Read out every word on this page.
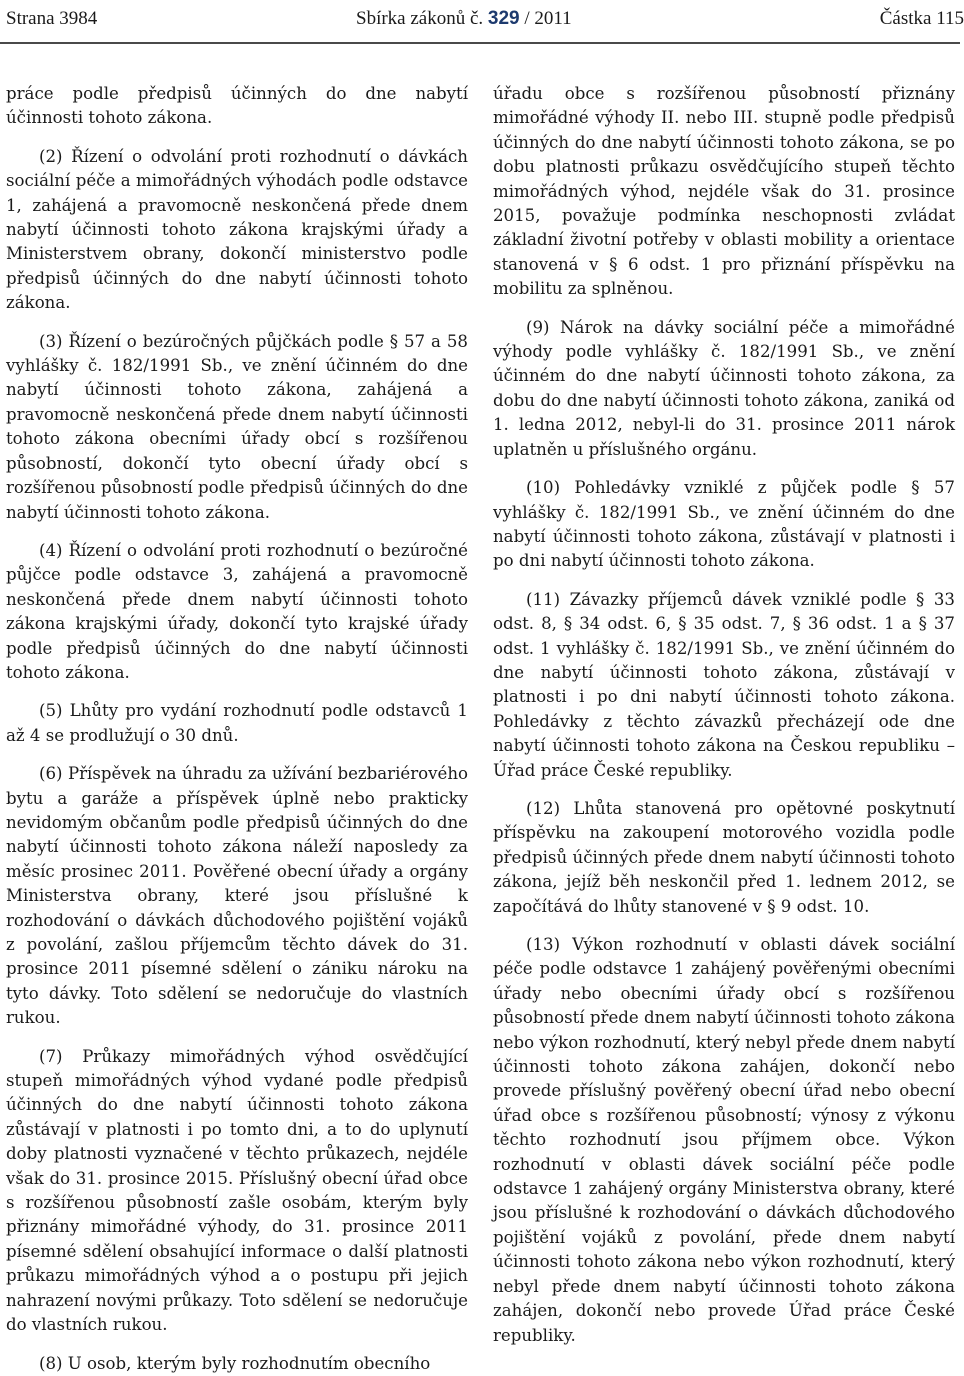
Strana 3984	Sbírka zákonů č. 329 / 2011	Částka 115

práce podle předpisů účinných do dne nabytí účinnosti tohoto zákona.

(2) Řízení o odvolání proti rozhodnutí o dávkách sociální péče a mimořádných výhodách podle odstavce 1, zahájená a pravomocně neskončená přede dnem nabytí účinnosti tohoto zákona krajskými úřady a Ministerstvem obrany, dokončí ministerstvo podle předpisů účinných do dne nabytí účinnosti tohoto zákona.

(3) Řízení o bezúročných půjčkách podle § 57 a 58 vyhlášky č. 182/1991 Sb., ve znění účinném do dne nabytí účinnosti tohoto zákona, zahájená a pravomocně neskončená přede dnem nabytí účinnosti tohoto zákona obecními úřady obcí s rozšířenou působností, dokončí tyto obecní úřady obcí s rozšířenou působností podle předpisů účinných do dne nabytí účinnosti tohoto zákona.

(4) Řízení o odvolání proti rozhodnutí o bezúročné půjčce podle odstavce 3, zahájená a pravomocně neskončená přede dnem nabytí účinnosti tohoto zákona krajskými úřady, dokončí tyto krajské úřady podle předpisů účinných do dne nabytí účinnosti tohoto zákona.

(5) Lhůty pro vydání rozhodnutí podle odstavců 1 až 4 se prodlužují o 30 dnů.

(6) Příspěvek na úhradu za užívání bezbariérového bytu a garáže a příspěvek úplně nebo prakticky nevidomým občanům podle předpisů účinných do dne nabytí účinnosti tohoto zákona náleží naposledy za měsíc prosinec 2011. Pověřené obecní úřady a orgány Ministerstva obrany, které jsou příslušné k rozhodování o dávkách důchodového pojištění vojáků z povolání, zašlou příjemcům těchto dávek do 31. prosince 2011 písemné sdělení o zániku nároku na tyto dávky. Toto sdělení se nedoručuje do vlastních rukou.

(7) Průkazy mimořádných výhod osvědčující stupeň mimořádných výhod vydané podle předpisů účinných do dne nabytí účinnosti tohoto zákona zůstávají v platnosti i po tomto dni, a to do uplynutí doby platnosti vyznačené v těchto průkazech, nejdéle však do 31. prosince 2015. Příslušný obecní úřad obce s rozšířenou působností zašle osobám, kterým byly přiznány mimořádné výhody, do 31. prosince 2011 písemné sdělení obsahující informace o další platnosti průkazu mimořádných výhod a o postupu při jejich nahrazení novými průkazy. Toto sdělení se nedoručuje do vlastních rukou.

(8) U osob, kterým byly rozhodnutím obecního

úřadu obce s rozšířenou působností přiznány mimořádné výhody II. nebo III. stupně podle předpisů účinných do dne nabytí účinnosti tohoto zákona, se po dobu platnosti průkazu osvědčujícího stupeň těchto mimořádných výhod, nejdéle však do 31. prosince 2015, považuje podmínka neschopnosti zvládat základní životní potřeby v oblasti mobility a orientace stanovená v § 6 odst. 1 pro přiznání příspěvku na mobilitu za splněnou.

(9) Nárok na dávky sociální péče a mimořádné výhody podle vyhlášky č. 182/1991 Sb., ve znění účinném do dne nabytí účinnosti tohoto zákona, za dobu do dne nabytí účinnosti tohoto zákona, zaniká od 1. ledna 2012, nebyl-li do 31. prosince 2011 nárok uplatněn u příslušného orgánu.

(10) Pohledávky vzniklé z půjček podle § 57 vyhlášky č. 182/1991 Sb., ve znění účinném do dne nabytí účinnosti tohoto zákona, zůstávají v platnosti i po dni nabytí účinnosti tohoto zákona.

(11) Závazky příjemců dávek vzniklé podle § 33 odst. 8, § 34 odst. 6, § 35 odst. 7, § 36 odst. 1 a § 37 odst. 1 vyhlášky č. 182/1991 Sb., ve znění účinném do dne nabytí účinnosti tohoto zákona, zůstávají v platnosti i po dni nabytí účinnosti tohoto zákona. Pohledávky z těchto závazků přecházejí ode dne nabytí účinnosti tohoto zákona na Českou republiku – Úřad práce České republiky.

(12) Lhůta stanovená pro opětovné poskytnutí příspěvku na zakoupení motorového vozidla podle předpisů účinných přede dnem nabytí účinnosti tohoto zákona, jejíž běh neskončil před 1. lednem 2012, se započítává do lhůty stanovené v § 9 odst. 10.

(13) Výkon rozhodnutí v oblasti dávek sociální péče podle odstavce 1 zahájený pověřenými obecními úřady nebo obecními úřady obcí s rozšířenou působností přede dnem nabytí účinnosti tohoto zákona nebo výkon rozhodnutí, který nebyl přede dnem nabytí účinnosti tohoto zákona zahájen, dokončí nebo provede příslušný pověřený obecní úřad nebo obecní úřad obce s rozšířenou působností; výnosy z výkonu těchto rozhodnutí jsou příjmem obce. Výkon rozhodnutí v oblasti dávek sociální péče podle odstavce 1 zahájený orgány Ministerstva obrany, které jsou příslušné k rozhodování o dávkách důchodového pojištění vojáků z povolání, přede dnem nabytí účinnosti tohoto zákona nebo výkon rozhodnutí, který nebyl přede dnem nabytí účinnosti tohoto zákona zahájen, dokončí nebo provede Úřad práce České republiky.
